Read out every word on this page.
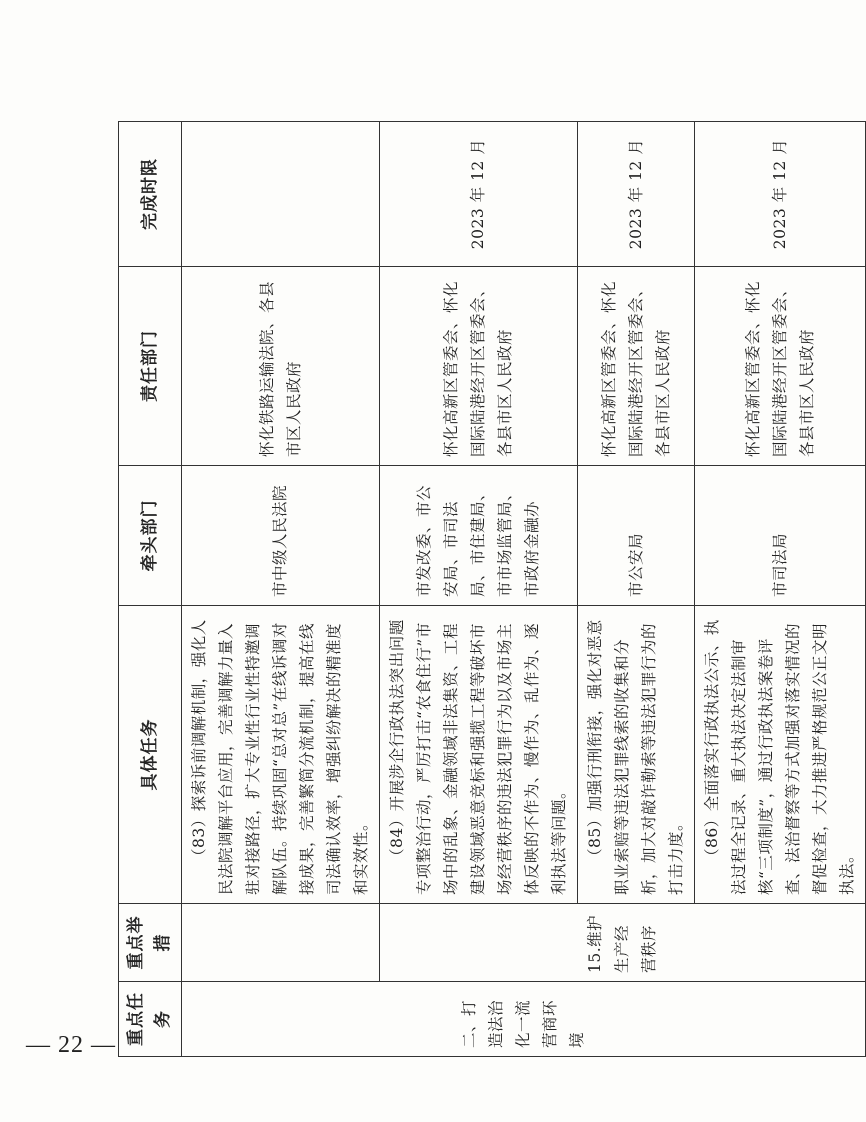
— 22 — 重点任务	重点举措	具体任务	牵头部门	责任部门	完成时限
二、打造法治化一流营商环境		（83）探索诉前调解机制，强化人民法院调解平台应用，完善调解力量入驻对接路径，扩大专业性行业性特邀调解队伍。持续巩固“总对总”在线诉调对接成果，完善繁简分流机制，提高在线司法确认效率，增强纠纷解决的精准度和实效性。	市中级人民法院	怀化铁路运输法院、各县市区人民政府	
	15.维护生产经营秩序	（84）开展涉企行政执法突出问题专项整治行动，严厉打击“农食住行”市场中的乱象、金融领域非法集资、工程建设领域恶意竞标和强揽工程等破坏市场经营秩序的违法犯罪行为以及市场主体反映的不作为、慢作为、乱作为、逐利执法等问题。	市发改委、市公安局、市司法局、市住建局、市市场监管局、市政府金融办	怀化高新区管委会、怀化国际陆港经开区管委会、各县市区人民政府	2023 年 12 月

		（85）加强行刑衔接，强化对恶意职业索赔等违法犯罪线索的收集和分析，加大对敲诈勒索等违法犯罪行为的打击力度。	市公安局	怀化高新区管委会、怀化国际陆港经开区管委会、各县市区人民政府	2023 年 12 月

		（86）全面落实行政执法公示、执法过程全记录、重大执法决定法制审核“三项制度”，通过行政执法案卷评查、法治督察等方式加强对落实情况的督促检查，大力推进严格规范公正文明执法。	市司法局	怀化高新区管委会、怀化国际陆港经开区管委会、各县市区人民政府	2023 年 12 月
